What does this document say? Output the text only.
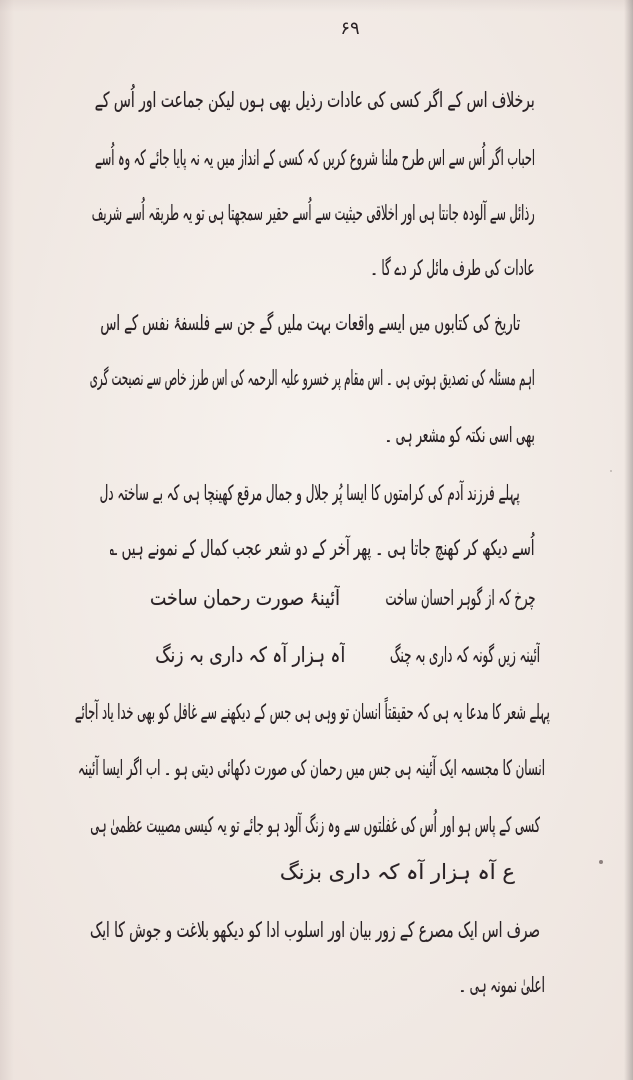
۶۹
برخلاف اس کے اگر کسی کی عادات رذیل بھی ہوں لیکن جماعت اور اُس کے
احباب اگر اُس سے اس طرح ملنا شروع کریں کہ کسی کے انداز میں یہ نہ پایا جائے کہ وہ اُسے
رذائل سے آلودہ جانتا ہی اور اخلاقی حیثیت سے اُسے حقیر سمجھتا ہی تو یہ طریقہ اُسے شریف
عادات کی طرف مائل کر دے گا ۔
تاریخ کی کتابوں میں ایسے واقعات بہت ملیں گے جن سے فلسفۂ نفس کے اس
اہم مسئلہ کی تصدیق ہوتی ہی ۔ اس مقام پر خسرو علیہ الرحمہ کی اس طرز خاص سے نصیحت گری
بھی اسی نکتہ کو مشعر ہی ۔
پہلے فرزند آدم کی کرامتوں کا ایسا پُر جلال و جمال مرقع کھینچا ہی کہ بے ساختہ دل
اُسے دیکھ کر کھنچ جاتا ہی ۔ پھر آخر کے دو شعر عجب کمال کے نمونے ہیں ؎
چرخ کہ از گوہر احسان ساخت
آئینۂ صورت رحمان ساخت
آئینہ زیں گونہ کہ داری بہ چنگ
آہ ہزار آہ کہ داری بہ زنگ
پہلے شعر کا مدعا یہ ہی کہ حقیقتاً انسان تو وہی ہی جس کے دیکھنے سے غافل کو بھی خدا یاد آجائے
انسان کا مجسمہ ایک آئینہ ہی جس میں رحمان کی صورت دکھائی دیتی ہو ۔ اب اگر ایسا آئینہ
کسی کے پاس ہو اور اُس کی غفلتوں سے وہ زنگ آلود ہو جائے تو یہ کیسی مصیبت عظمیٰ ہی
ع آہ ہزار آہ کہ داری بزنگ
صرف اس ایک مصرع کے زور بیان اور اسلوب ادا کو دیکھو بلاغت و جوش کا ایک
اعلیٰ نمونہ ہی ۔
